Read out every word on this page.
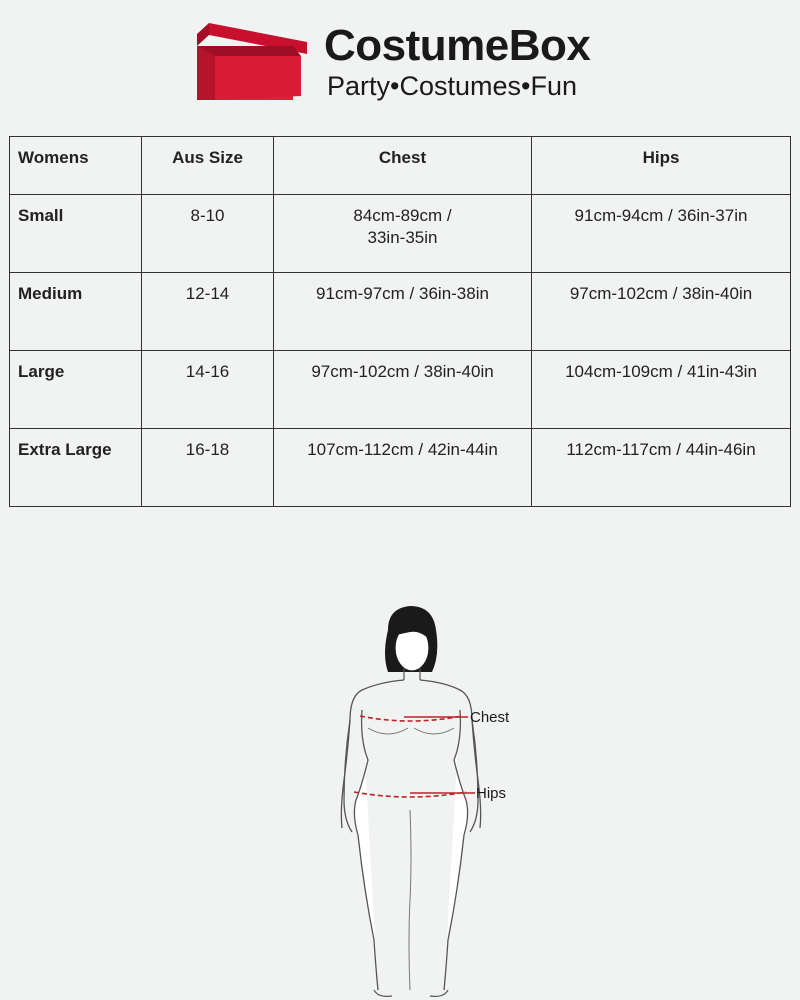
CostumeBox
Party•Costumes•Fun
Womens	Aus Size	Chest	Hips
Small	8-10	84cm-89cm / 33in-35in	91cm-94cm / 36in-37in
Medium	12-14	91cm-97cm / 36in-38in	97cm-102cm / 38in-40in
Large	14-16	97cm-102cm / 38in-40in	104cm-109cm / 41in-43in
Extra Large	16-18	107cm-112cm / 42in-44in	112cm-117cm / 44in-46in
Chest
Hips
